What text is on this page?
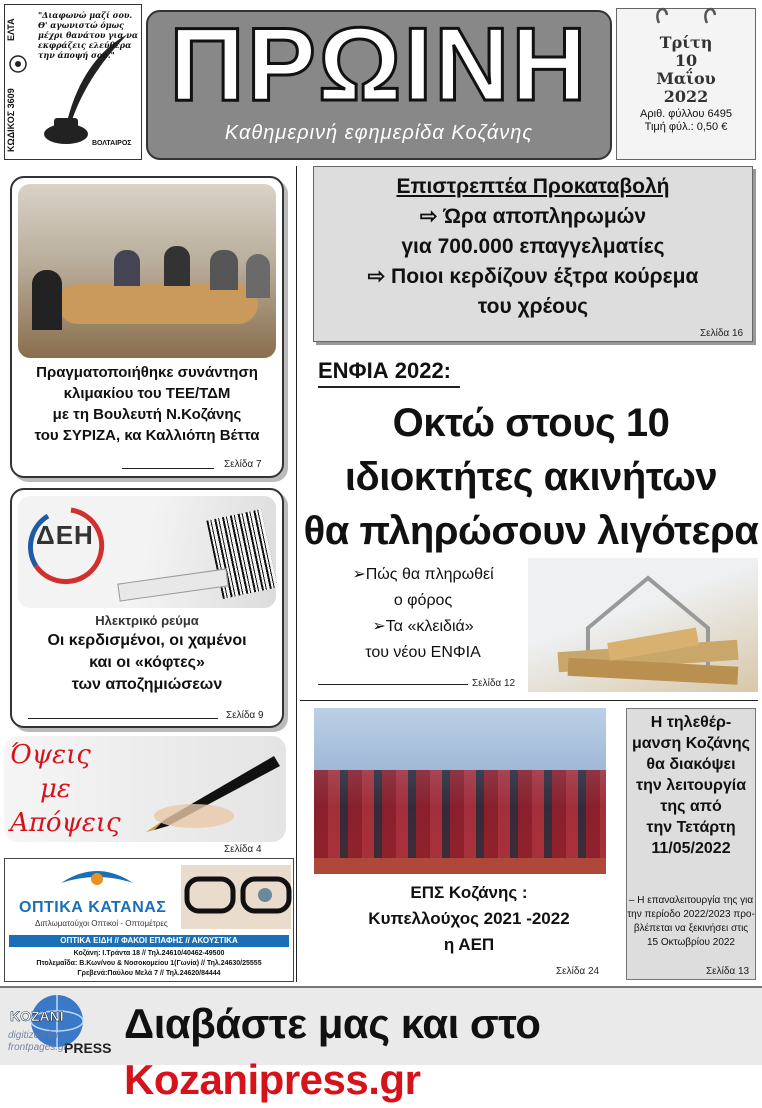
ΕΛΤΑ
ΚΩΔΙΚΟΣ 3609
"Διαφωνώ μαζί σου. Θ' αγωνιστώ όμως μέχρι θανάτου για να εκφράζεις ελεύθερα την άποψή σου."
ΒΟΛΤΑΙΡΟΣ
ΠΡΩΙΝΗ
Καθημερινή εφημερίδα Κοζάνης
Τρίτη
10
Μαΐου
2022
Αριθ. φύλλου 6495
Τιμή φύλ.: 0,50 €
Πραγματοποιήθηκε συνάντηση
κλιμακίου του ΤΕΕ/ΤΔΜ
με τη Βουλευτή Ν.Κοζάνης
του ΣΥΡΙΖΑ, κα Καλλιόπη Βέττα
Σελίδα 7
ΔΕΗ
Ηλεκτρικό ρεύμα
Οι κερδισμένοι, οι χαμένοι
και οι «κόφτες»
των αποζημιώσεων
Σελίδα 9
Όψεις
με
Απόψεις
Σελίδα 4
ΟΠΤΙΚΑ ΚΑΤΑΝΑΣ
Διπλωματούχοι Οπτικοί - Οπτομέτρες
ΟΠΤΙΚΑ ΕΙΔΗ // ΦΑΚΟΙ ΕΠΑΦΗΣ // ΑΚΟΥΣΤΙΚΑ
Κοζάνη: Ι.Τράντα 18 // Τηλ.24610/40462-49500
Πτολεμαΐδα: Β.Κων/νου & Νοσοκομείου 1(Γωνία) // Τηλ.24630/25555
Γρεβενά:Παύλου Μελά 7 // Τηλ.24620/84444
Επιστρεπτέα Προκαταβολή
⇨ Ώρα αποπληρωμών
για 700.000 επαγγελματίες
⇨ Ποιοι κερδίζουν έξτρα κούρεμα
του χρέους
Σελίδα 16
ΕΝΦΙΑ 2022:
Οκτώ στους 10
ιδιοκτήτες ακινήτων
θα πληρώσουν λιγότερα
➢Πώς θα πληρωθεί
ο φόρος
➢Τα «κλειδιά»
του νέου ΕΝΦΙΑ
Σελίδα 12
ΕΠΣ Κοζάνης :
Κυπελλούχος 2021 -2022
η ΑΕΠ
Σελίδα 24
Η τηλεθέρ-
μανση Κοζάνης
θα διακόψει
την λειτουργία
της από
την Τετάρτη
11/05/2022
– Η επαναλειτουργία της για
την περίοδο 2022/2023 προ-
βλέπεται να ξεκινήσει στις
15 Οκτωβρίου 2022
Σελίδα 13
KOZANI
PRESS
digitized for frontpages.gr
Διαβάστε μας και στο Kozanipress.gr
